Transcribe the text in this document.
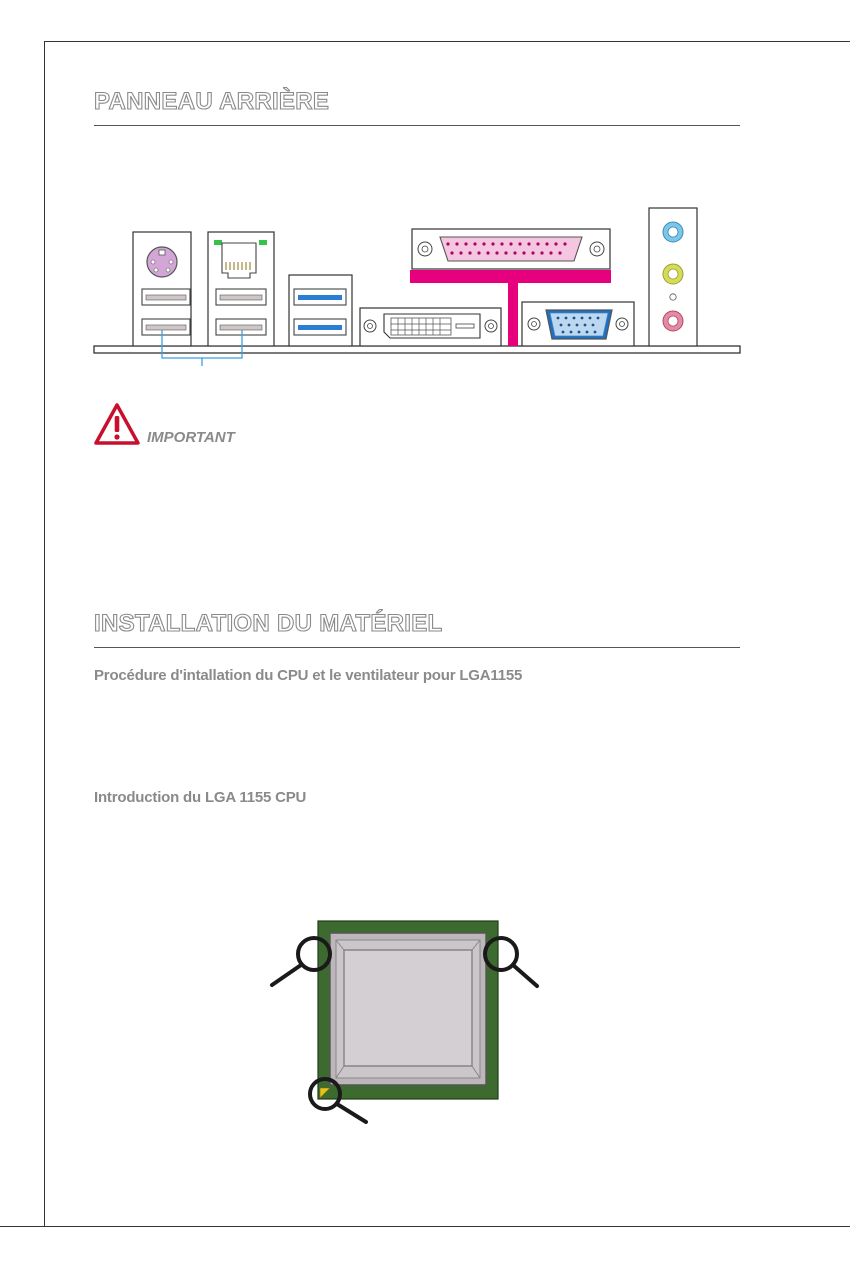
PANNEAU ARRIÈRE
IMPORTANT
INSTALLATION DU MATÉRIEL
Procédure d'intallation du CPU et le ventilateur pour LGA1155
Introduction du LGA 1155 CPU
